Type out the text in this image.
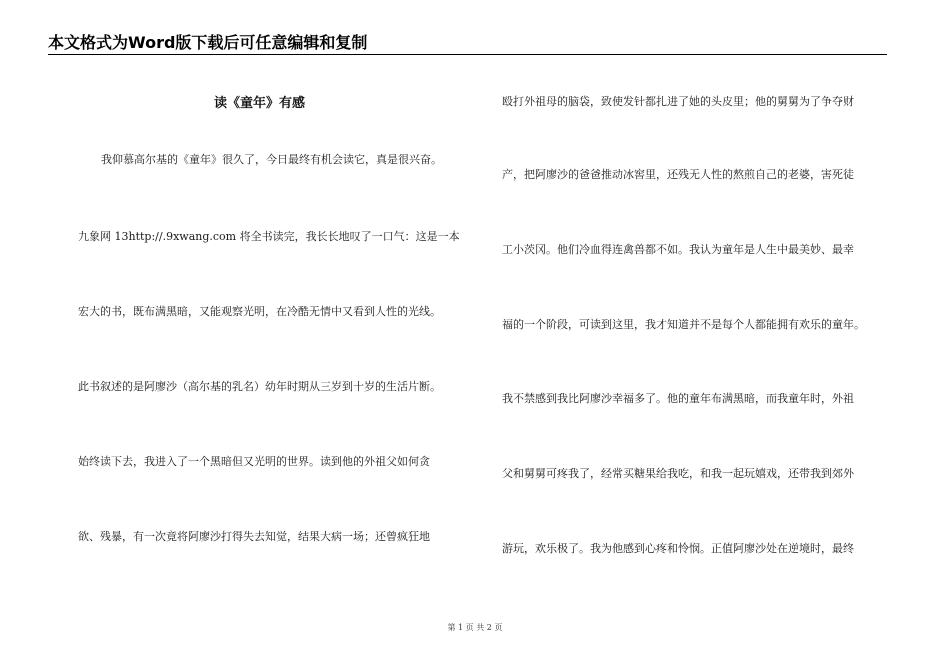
本文格式为Word版下载后可任意编辑和复制
读《童年》有感
我仰慕高尔基的《童年》很久了，今日最终有机会读它，真是很兴奋。
九象网 13http://.9xwang.com 将全书读完，我长长地叹了一口气：这是一本
宏大的书，既布满黑暗，又能观察光明，在冷酷无情中又看到人性的光线。
此书叙述的是阿廖沙（高尔基的乳名）幼年时期从三岁到十岁的生活片断。
始终读下去，我进入了一个黑暗但又光明的世界。读到他的外祖父如何贪
欲、残暴，有一次竟将阿廖沙打得失去知觉，结果大病一场；还曾疯狂地
殴打外祖母的脑袋，致使发针都扎进了她的头皮里；他的舅舅为了争夺财
产，把阿廖沙的爸爸推动冰窖里，还残无人性的熬煎自己的老婆，害死徒
工小茨冈。他们冷血得连禽兽都不如。我认为童年是人生中最美妙、最幸
福的一个阶段，可读到这里，我才知道并不是每个人都能拥有欢乐的童年。
我不禁感到我比阿廖沙幸福多了。他的童年布满黑暗，而我童年时，外祖
父和舅舅可疼我了，经常买糖果给我吃，和我一起玩嬉戏，还带我到郊外
游玩，欢乐极了。我为他感到心疼和怜悯。正值阿廖沙处在逆境时，最终
第 1 页 共 2 页
